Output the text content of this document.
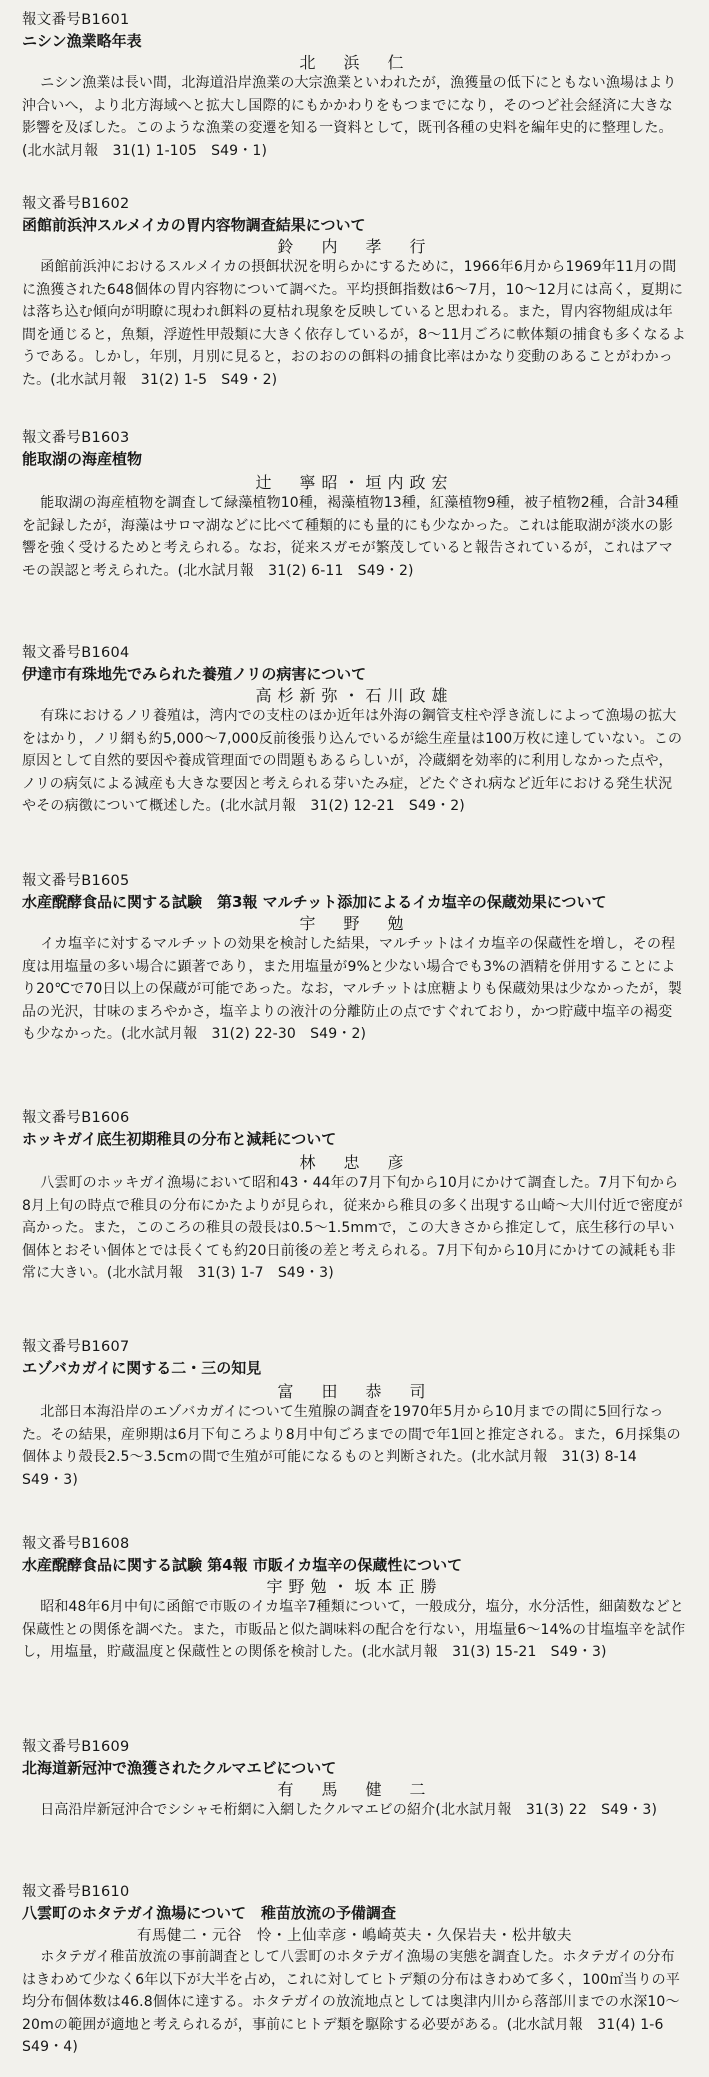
報文番号B1601
ニシン漁業略年表
北　浜　仁
ニシン漁業は長い間，北海道沿岸漁業の大宗漁業といわれたが，漁獲量の低下にともない漁場はより沖合いへ，より北方海域へと拡大し国際的にもかかわりをもつまでになり，そのつど社会経済に大きな影響を及ぼした。このような漁業の変遷を知る一資料として，既刊各種の史料を編年史的に整理した。(北水試月報　31(1) 1-105　S49・1)
報文番号B1602
函館前浜沖スルメイカの胃内容物調査結果について
鈴　内　孝　行
函館前浜沖におけるスルメイカの摂餌状況を明らかにするために，1966年6月から1969年11月の間に漁獲された648個体の胃内容物について調べた。平均摂餌指数は6～7月，10～12月には高く，夏期には落ち込む傾向が明瞭に現われ餌料の夏枯れ現象を反映していると思われる。また，胃内容物組成は年間を通じると，魚類，浮遊性甲殻類に大きく依存しているが，8～11月ごろに軟体類の捕食も多くなるようである。しかし，年別，月別に見ると，おのおのの餌料の捕食比率はかなり変動のあることがわかった。(北水試月報　31(2) 1-5　S49・2)
報文番号B1603
能取湖の海産植物
辻　寧昭・垣内政宏
能取湖の海産植物を調査して緑藻植物10種，褐藻植物13種，紅藻植物9種，被子植物2種，合計34種を記録したが，海藻はサロマ湖などに比べて種類的にも量的にも少なかった。これは能取湖が淡水の影響を強く受けるためと考えられる。なお，従来スガモが繁茂していると報告されているが，これはアマモの誤認と考えられた。(北水試月報　31(2) 6-11　S49・2)
報文番号B1604
伊達市有珠地先でみられた養殖ノリの病害について
高杉新弥・石川政雄
有珠におけるノリ養殖は，湾内での支柱のほか近年は外海の鋼管支柱や浮き流しによって漁場の拡大をはかり，ノリ網も約5,000～7,000反前後張り込んでいるが総生産量は100万枚に達していない。この原因として自然的要因や養成管理面での問題もあるらしいが，冷蔵網を効率的に利用しなかった点や，ノリの病気による減産も大きな要因と考えられる芽いたみ症，どたぐされ病など近年における発生状況やその病徴について概述した。(北水試月報　31(2) 12-21　S49・2)
報文番号B1605
水産醗酵食品に関する試験　第3報 マルチット添加によるイカ塩辛の保蔵効果について
宇　野　勉
イカ塩辛に対するマルチットの効果を検討した結果，マルチットはイカ塩辛の保蔵性を増し，その程度は用塩量の多い場合に顕著であり，また用塩量が9%と少ない場合でも3%の酒精を併用することにより20℃で70日以上の保蔵が可能であった。なお，マルチットは庶糖よりも保蔵効果は少なかったが，製品の光沢，甘味のまろやかさ，塩辛よりの液汁の分離防止の点ですぐれており，かつ貯蔵中塩辛の褐変も少なかった。(北水試月報　31(2) 22-30　S49・2)
報文番号B1606
ホッキガイ底生初期稚貝の分布と減耗について
林　忠　彦
八雲町のホッキガイ漁場において昭和43・44年の7月下旬から10月にかけて調査した。7月下旬から8月上旬の時点で稚貝の分布にかたよりが見られ，従来から稚貝の多く出現する山崎～大川付近で密度が高かった。また，このころの稚貝の殻長は0.5～1.5mmで，この大きさから推定して，底生移行の早い個体とおそい個体とでは長くても約20日前後の差と考えられる。7月下旬から10月にかけての減耗も非常に大きい。(北水試月報　31(3) 1-7　S49・3)
報文番号B1607
エゾバカガイに関する二・三の知見
富　田　恭　司
北部日本海沿岸のエゾバカガイについて生殖腺の調査を1970年5月から10月までの間に5回行なった。その結果，産卵期は6月下旬ころより8月中旬ごろまでの間で年1回と推定される。また，6月採集の個体より殻長2.5～3.5cmの間で生殖が可能になるものと判断された。(北水試月報　31(3) 8-14　S49・3)
報文番号B1608
水産醗酵食品に関する試験 第4報 市販イカ塩辛の保蔵性について
宇野勉・坂本正勝
昭和48年6月中旬に函館で市販のイカ塩辛7種類について，一般成分，塩分，水分活性，細菌数などと保蔵性との関係を調べた。また，市販品と似た調味料の配合を行ない，用塩量6～14%の甘塩塩辛を試作し，用塩量，貯蔵温度と保蔵性との関係を検討した。(北水試月報　31(3) 15-21　S49・3)
報文番号B1609
北海道新冠沖で漁獲されたクルマエビについて
有　馬　健　二
日高沿岸新冠沖合でシシャモ桁網に入網したクルマエビの紹介(北水試月報　31(3) 22　S49・3)
報文番号B1610
八雲町のホタテガイ漁場について　稚苗放流の予備調査
有馬健二・元谷　怜・上仙幸彦・嶋崎英夫・久保岩夫・松井敏夫
ホタテガイ稚苗放流の事前調査として八雲町のホタテガイ漁場の実態を調査した。ホタテガイの分布はきわめて少なく6年以下が大半を占め，これに対してヒトデ類の分布はきわめて多く，100㎡当りの平均分布個体数は46.8個体に達する。ホタテガイの放流地点としては奥津内川から落部川までの水深10～20mの範囲が適地と考えられるが，事前にヒトデ類を駆除する必要がある。(北水試月報　31(4) 1-6　S49・4)
